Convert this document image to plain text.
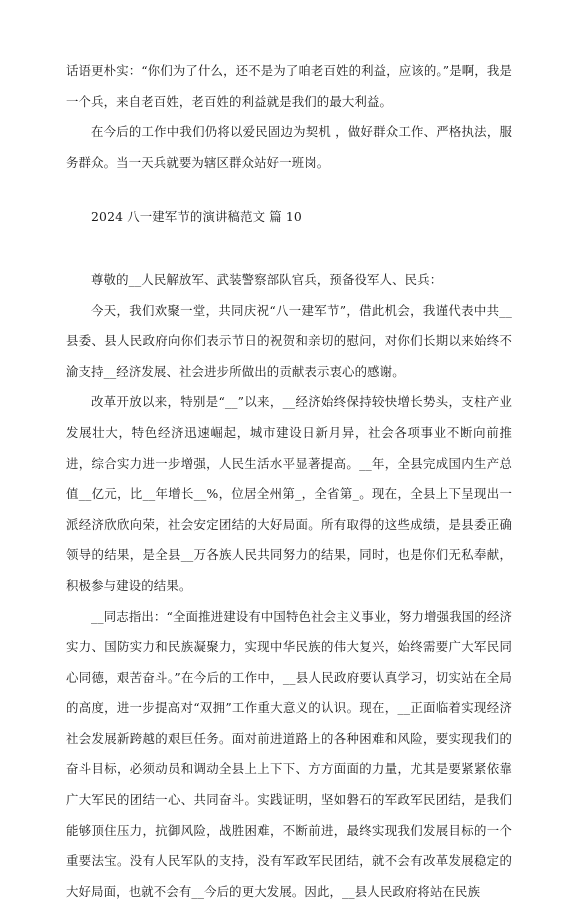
话语更朴实：“你们为了什么，还不是为了咱老百姓的利益，应该的。”是啊，我是一个兵，来自老百姓，老百姓的利益就是我们的最大利益。

在今后的工作中我们仍将以爱民固边为契机 ，做好群众工作、严格执法，服务群众。当一天兵就要为辖区群众站好一班岗。

2024 八一建军节的演讲稿范文 篇 10

尊敬的__人民解放军、武装警察部队官兵，预备役军人、民兵：

今天，我们欢聚一堂，共同庆祝“八一建军节”，借此机会，我谨代表中共__县委、县人民政府向你们表示节日的祝贺和亲切的慰问，对你们长期以来始终不渝支持__经济发展、社会进步所做出的贡献表示衷心的感谢。

改革开放以来，特别是“__”以来，__经济始终保持较快增长势头，支柱产业发展壮大，特色经济迅速崛起，城市建设日新月异，社会各项事业不断向前推进，综合实力进一步增强，人民生活水平显著提高。__年，全县完成国内生产总值__亿元，比__年增长__%，位居全州第_，全省第_。现在，全县上下呈现出一派经济欣欣向荣，社会安定团结的大好局面。所有取得的这些成绩，是县委正确领导的结果，是全县__万各族人民共同努力的结果，同时，也是你们无私奉献，积极参与建设的结果。

__同志指出：“全面推进建设有中国特色社会主义事业，努力增强我国的经济实力、国防实力和民族凝聚力，实现中华民族的伟大复兴，始终需要广大军民同心同德，艰苦奋斗。”在今后的工作中，__县人民政府要认真学习，切实站在全局的高度，进一步提高对“双拥”工作重大意义的认识。现在，__正面临着实现经济社会发展新跨越的艰巨任务。面对前进道路上的各种困难和风险，要实现我们的奋斗目标，必须动员和调动全县上上下下、方方面面的力量，尤其是要紧紧依靠广大军民的团结一心、共同奋斗。实践证明，坚如磐石的军政军民团结，是我们能够顶住压力，抗御风险，战胜困难，不断前进，最终实现我们发展目标的一个重要法宝。没有人民军队的支持，没有军政军民团结，就不会有改革发展稳定的大好局面，也就不会有__今后的更大发展。因此，__县人民政府将站在民族
